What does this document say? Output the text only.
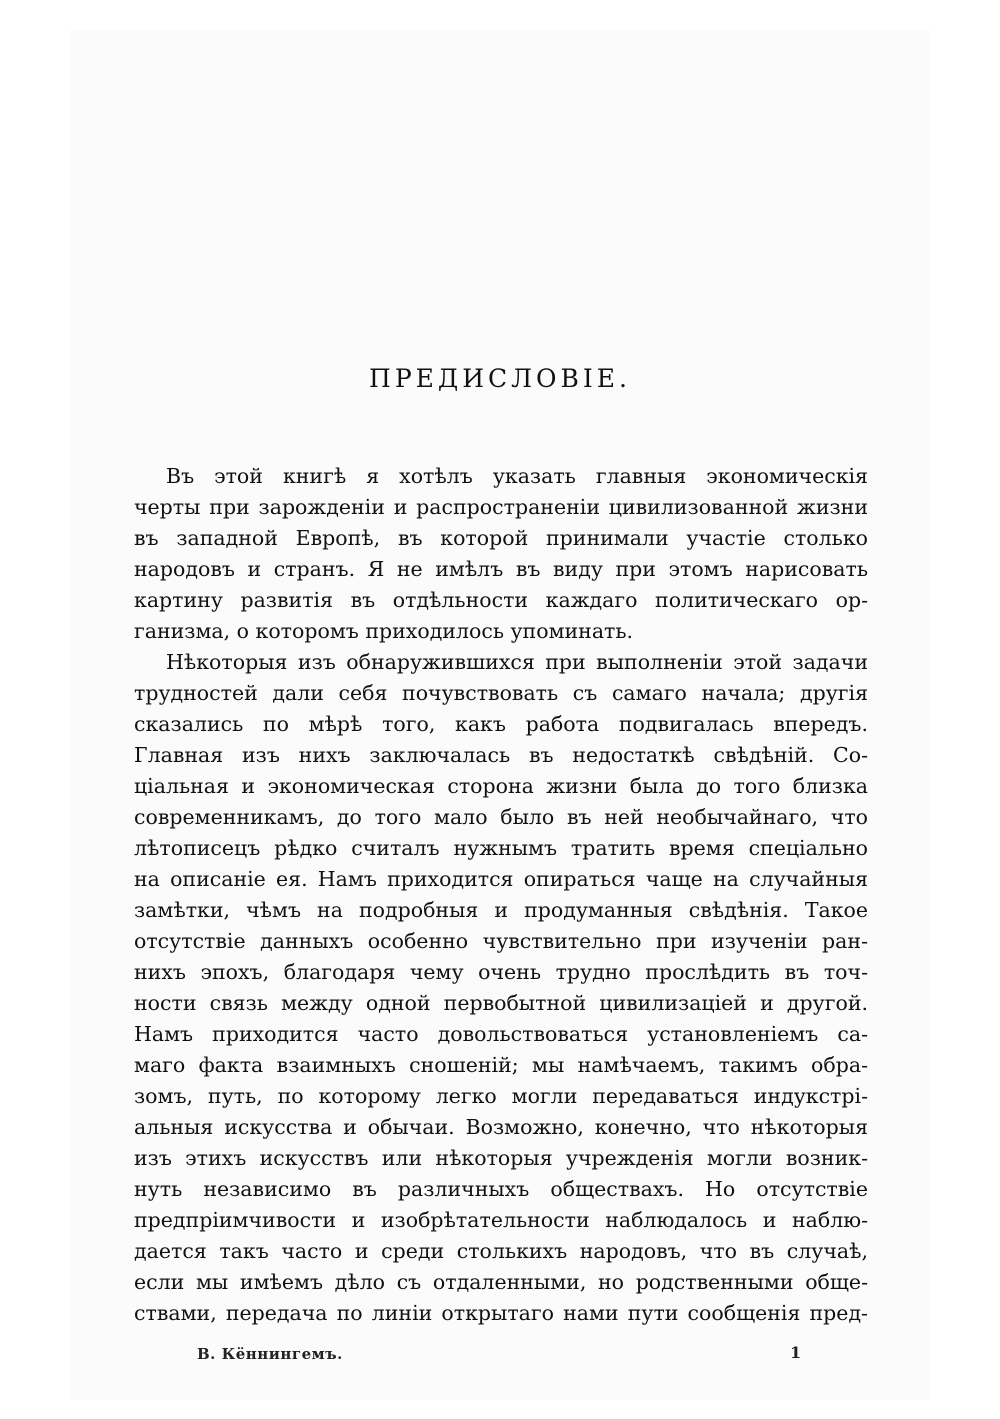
ПРЕДИСЛОВІЕ.
Въ этой книгѣ я хотѣлъ указать главныя экономическія
черты при зарожденіи и распространеніи цивилизованной жизни
въ западной Европѣ, въ которой принимали участіе столько
народовъ и странъ. Я не имѣлъ въ виду при этомъ нарисовать
картину развитія въ отдѣльности каждаго политическаго ор-
ганизма, о которомъ приходилось упоминать.
Нѣкоторыя изъ обнаружившихся при выполненіи этой задачи
трудностей дали себя почувствовать съ самаго начала; другія
сказались по мѣрѣ того, какъ работа подвигалась впередъ.
Главная изъ нихъ заключалась въ недостаткѣ свѣдѣній. Со-
ціальная и экономическая сторона жизни была до того близка
современникамъ, до того мало было въ ней необычайнаго, что
лѣтописецъ рѣдко считалъ нужнымъ тратить время спеціально
на описаніе ея. Намъ приходится опираться чаще на случайныя
замѣтки, чѣмъ на подробныя и продуманныя свѣдѣнія. Такое
отсутствіе данныхъ особенно чувствительно при изученіи ран-
нихъ эпохъ, благодаря чему очень трудно прослѣдить въ точ-
ности связь между одной первобытной цивилизаціей и другой.
Намъ приходится часто довольствоваться установленіемъ са-
маго факта взаимныхъ сношеній; мы намѣчаемъ, такимъ обра-
зомъ, путь, по которому легко могли передаваться индукстрі-
альныя искусства и обычаи. Возможно, конечно, что нѣкоторыя
изъ этихъ искусствъ или нѣкоторыя учрежденія могли возник-
нуть независимо въ различныхъ обществахъ. Но отсутствіе
предпріимчивости и изобрѣтательности наблюдалось и наблю-
дается такъ часто и среди столькихъ народовъ, что въ случаѣ,
если мы имѣемъ дѣло съ отдаленными, но родственными обще-
ствами, передача по линіи открытаго нами пути сообщенія пред-
В. Кённингемъ.	1
